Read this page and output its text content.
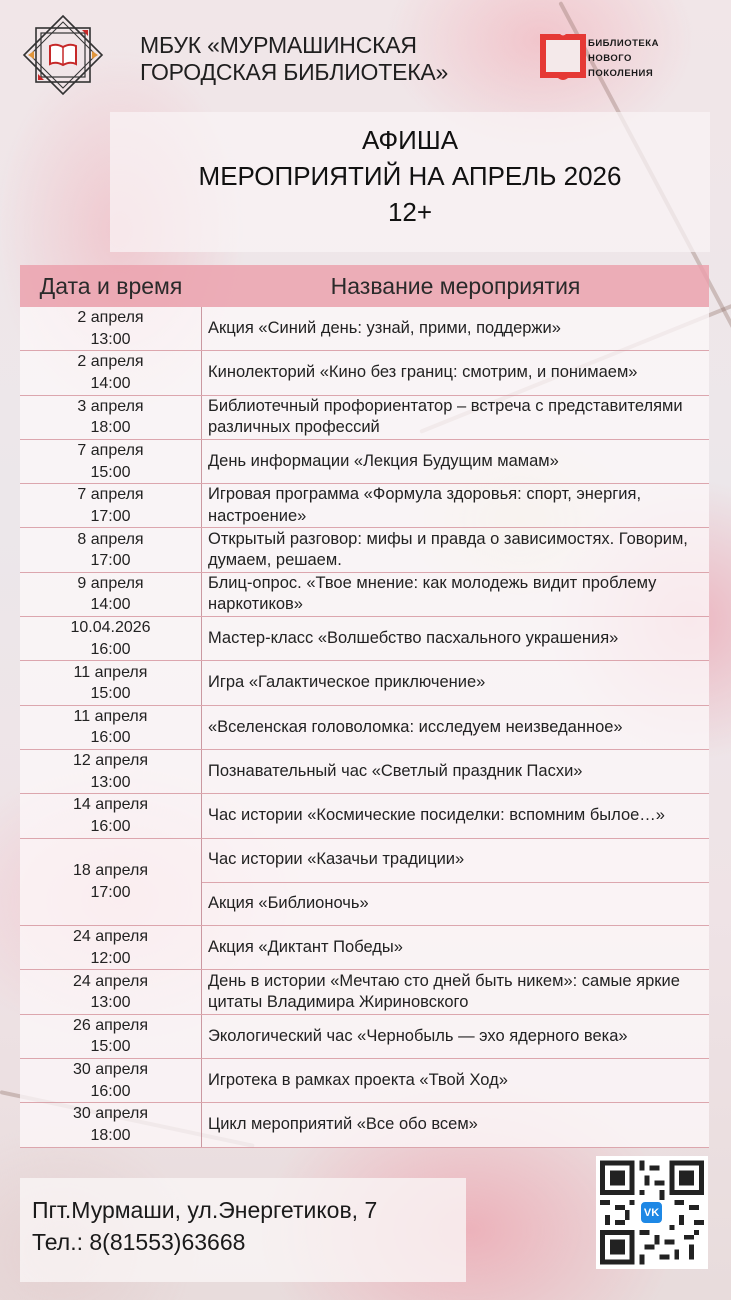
МБУК «МУРМАШИНСКАЯ
ГОРОДСКАЯ БИБЛИОТЕКА»
БИБЛИОТЕКА
НОВОГО
ПОКОЛЕНИЯ
АФИША
МЕРОПРИЯТИЙ НА АПРЕЛЬ 2026
12+
Дата и время	Название мероприятия
2 апреля
13:00
Акция «Синий день: узнай, прими, поддержи»
2 апреля
14:00
Кинолекторий «Кино без границ: смотрим, и понимаем»
3 апреля
18:00
Библиотечный профориентатор – встреча с представителями различных профессий
7 апреля
15:00
День информации «Лекция Будущим мамам»
7 апреля
17:00
Игровая программа «Формула здоровья: спорт, энергия, настроение»
8 апреля
17:00
Открытый разговор: мифы и правда о зависимостях. Говорим, думаем, решаем.
9 апреля
14:00
Блиц-опрос. «Твое мнение: как молодежь видит проблему наркотиков»
10.04.2026
16:00
Мастер-класс «Волшебство пасхального украшения»
11 апреля
15:00
Игра «Галактическое приключение»
11 апреля
16:00
«Вселенская головоломка: исследуем неизведанное»
12 апреля
13:00
Познавательный час «Светлый праздник Пасхи»
14 апреля
16:00
Час истории «Космические посиделки: вспомним былое…»
18 апреля
17:00
Час истории «Казачьи традиции»
Акция «Библионочь»
24 апреля
12:00
Акция «Диктант Победы»
24 апреля
13:00
День в истории «Мечтаю сто дней быть никем»: самые яркие цитаты Владимира Жириновского
26 апреля
15:00
Экологический час «Чернобыль — эхо ядерного века»
30 апреля
16:00
Игротека в рамках проекта «Твой Ход»
30 апреля
18:00
Цикл мероприятий «Все обо всем»
Пгт.Мурмаши, ул.Энергетиков, 7
Тел.: 8(81553)63668
VK
